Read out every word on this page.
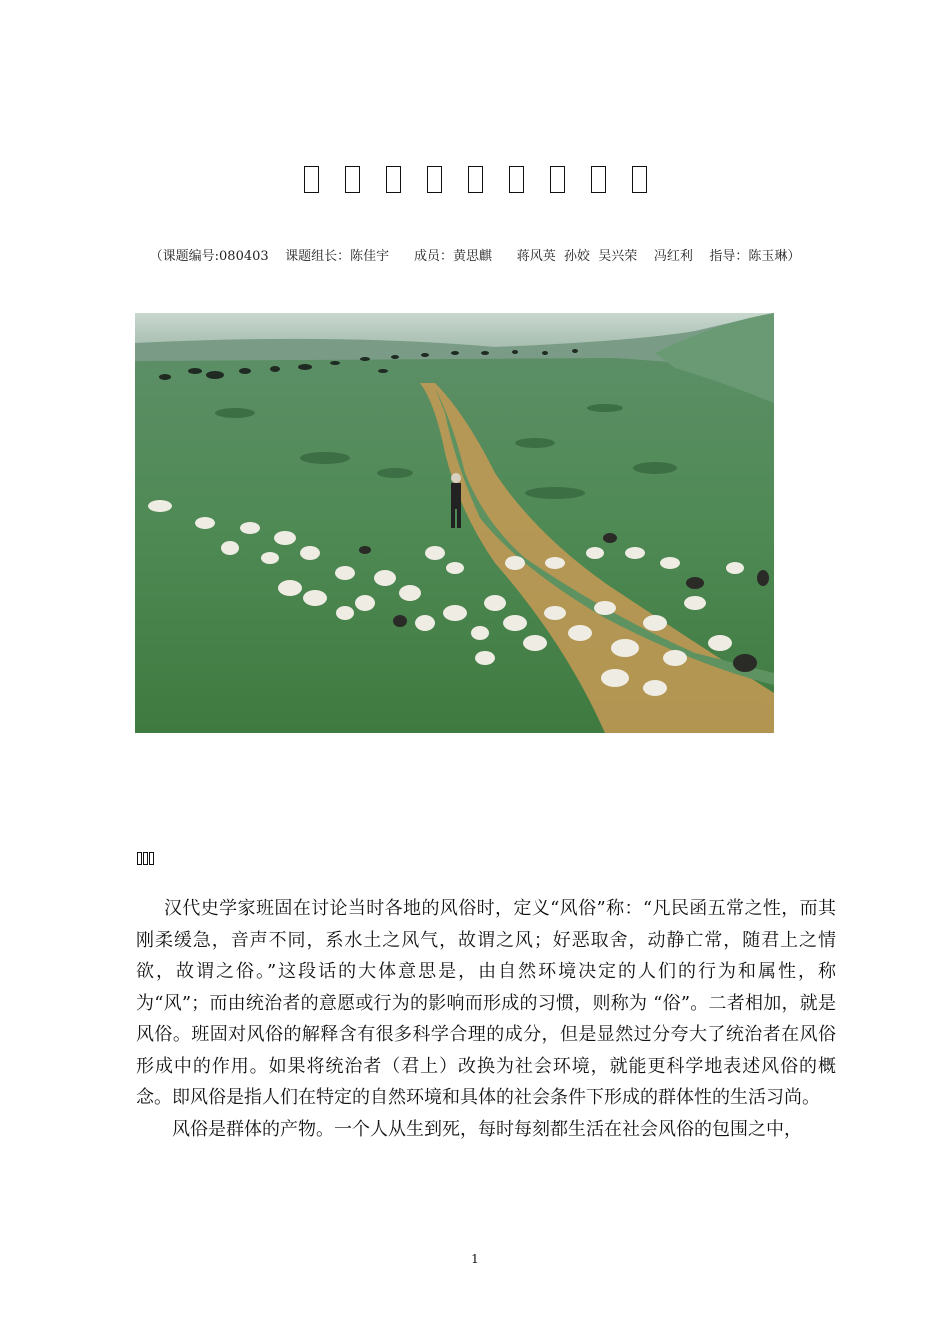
（课题编号:080403    课题组长：陈佳宇      成员：黄思麒      蒋风英  孙姣  吴兴荣    冯红利    指导：陈玉琳）

汉代史学家班固在讨论当时各地的风俗时，定义“风俗”称：“凡民函五常之性，而其刚柔缓急，音声不同，系水土之风气，故谓之风；好恶取舍，动静亡常，随君上之情欲，故谓之俗。”这段话的大体意思是，由自然环境决定的人们的行为和属性，称为“风”；而由统治者的意愿或行为的影响而形成的习惯，则称为 “俗”。二者相加，就是风俗。班固对风俗的解释含有很多科学合理的成分，但是显然过分夸大了统治者在风俗形成中的作用。如果将统治者（君上）改换为社会环境，就能更科学地表述风俗的概念。即风俗是指人们在特定的自然环境和具体的社会条件下形成的群体性的生活习尚。

风俗是群体的产物。一个人从生到死，每时每刻都生活在社会风俗的包围之中，

1
